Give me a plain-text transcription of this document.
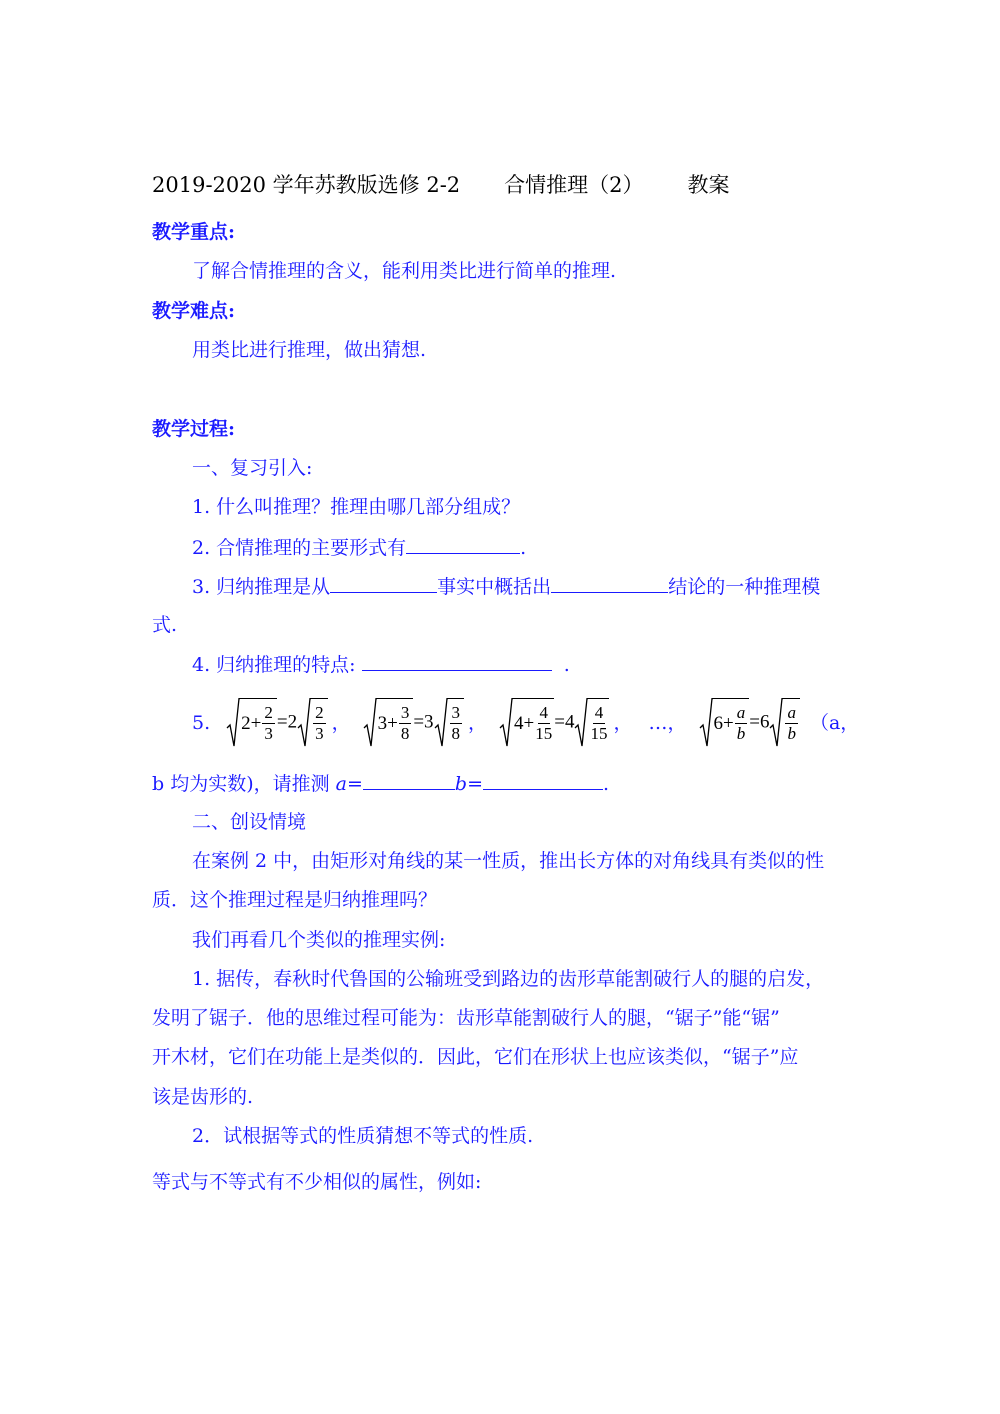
2019-2020 学年苏教版选修 2-2 合情推理（2） 教案
教学重点:
了解合情推理的含义，能利用类比进行简单的推理.
教学难点:
用类比进行推理，做出猜想.
教学过程:
一、复习引入:
1. 什么叫推理？推理由哪几部分组成？
2. 合情推理的主要形式有	.
3. 归纳推理是从	事实中概括出	结论的一种推理模
式.
4. 归纳推理的特点:	.
5. $2 + \frac{2}{3} =2 \frac{2}{3}$ ， $3 + \frac{3}{8} =3 \frac{3}{8}$ ， $4 + \frac{4}{15} =4 \frac{4}{15}$ ， …， $6 + \frac{a}{b} =6 \frac{a}{b} (a$，
b 均为实数)，请推测 a=	b=	.
二、创设情境
在案例 2 中，由矩形对角线的某一性质，推出长方体的对角线具有类似的性
质．这个推理过程是归纳推理吗？
我们再看几个类似的推理实例:
1. 据传，春秋时代鲁国的公输班受到路边的齿形草能割破行人的腿的启发，
发明了锯子．他的思维过程可能为：齿形草能割破行人的腿，“锯子”能“锯”
开木材，它们在功能上是类似的．因此，它们在形状上也应该类似，“锯子”应
该是齿形的.
2．试根据等式的性质猜想不等式的性质.
等式与不等式有不少相似的属性，例如:
